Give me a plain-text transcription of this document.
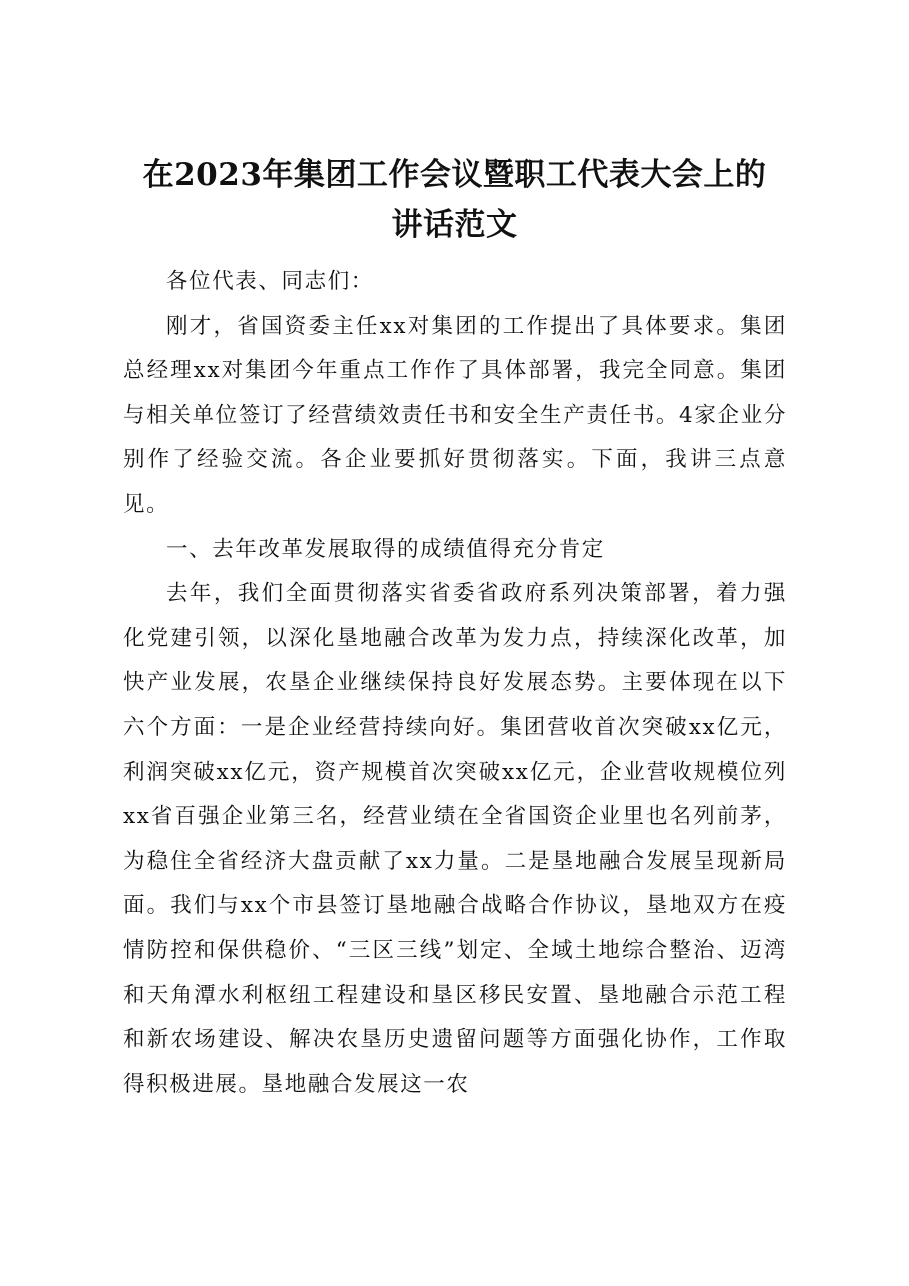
在2023年集团工作会议暨职工代表大会上的
讲话范文

各位代表、同志们：

刚才，省国资委主任xx对集团的工作提出了具体要求。集团总经理xx对集团今年重点工作作了具体部署，我完全同意。集团与相关单位签订了经营绩效责任书和安全生产责任书。4家企业分别作了经验交流。各企业要抓好贯彻落实。下面，我讲三点意见。

一、去年改革发展取得的成绩值得充分肯定

去年，我们全面贯彻落实省委省政府系列决策部署，着力强化党建引领，以深化垦地融合改革为发力点，持续深化改革，加快产业发展，农垦企业继续保持良好发展态势。主要体现在以下六个方面：一是企业经营持续向好。集团营收首次突破xx亿元，利润突破xx亿元，资产规模首次突破xx亿元，企业营收规模位列xx省百强企业第三名，经营业绩在全省国资企业里也名列前茅，为稳住全省经济大盘贡献了xx力量。二是垦地融合发展呈现新局面。我们与xx个市县签订垦地融合战略合作协议，垦地双方在疫情防控和保供稳价、“三区三线”划定、全域土地综合整治、迈湾和天角潭水利枢纽工程建设和垦区移民安置、垦地融合示范工程和新农场建设、解决农垦历史遗留问题等方面强化协作，工作取得积极进展。垦地融合发展这一农
